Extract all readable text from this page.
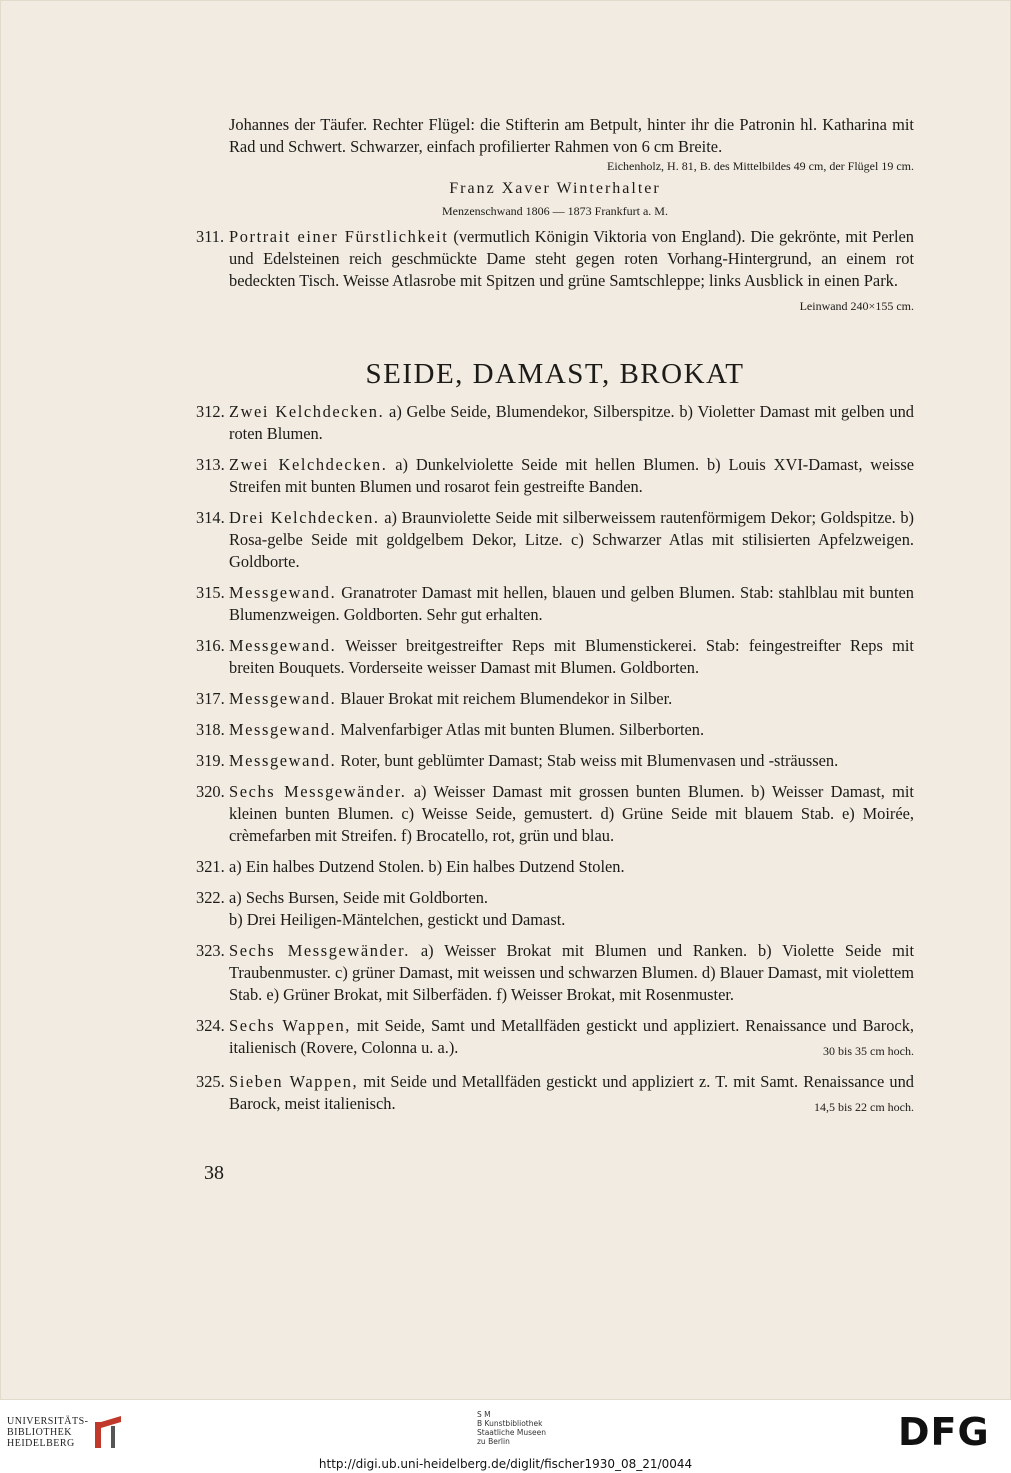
Johannes der Täufer. Rechter Flügel: die Stifterin am Betpult, hinter ihr die Patronin hl. Katharina mit Rad und Schwert. Schwarzer, einfach profilierter Rahmen von 6 cm Breite.

Eichenholz, H. 81, B. des Mittelbildes 49 cm, der Flügel 19 cm.

Franz Xaver Winterhalter

Menzenschwand 1806 — 1873 Frankfurt a. M.

311. Portrait einer Fürstlichkeit (vermutlich Königin Viktoria von England). Die gekrönte, mit Perlen und Edelsteinen reich geschmückte Dame steht gegen roten Vorhang-Hintergrund, an einem rot bedeckten Tisch. Weisse Atlasrobe mit Spitzen und grüne Samtschleppe; links Ausblick in einen Park.
Leinwand 240×155 cm.
SEIDE, DAMAST, BROKAT
312. Zwei Kelchdecken. a) Gelbe Seide, Blumendekor, Silberspitze. b) Violetter Damast mit gelben und roten Blumen.
313. Zwei Kelchdecken. a) Dunkelviolette Seide mit hellen Blumen. b) Louis XVI-Damast, weisse Streifen mit bunten Blumen und rosarot fein gestreifte Banden.
314. Drei Kelchdecken. a) Braunviolette Seide mit silberweissem rautenförmigem Dekor; Goldspitze. b) Rosa-gelbe Seide mit goldgelbem Dekor, Litze. c) Schwarzer Atlas mit stilisierten Apfelzweigen. Goldborte.
315. Messgewand. Granatroter Damast mit hellen, blauen und gelben Blumen. Stab: stahlblau mit bunten Blumenzweigen. Goldborten. Sehr gut erhalten.
316. Messgewand. Weisser breitgestreifter Reps mit Blumenstickerei. Stab: feingestreifter Reps mit breiten Bouquets. Vorderseite weisser Damast mit Blumen. Goldborten.
317. Messgewand. Blauer Brokat mit reichem Blumendekor in Silber.
318. Messgewand. Malvenfarbiger Atlas mit bunten Blumen. Silberborten.
319. Messgewand. Roter, bunt geblümter Damast; Stab weiss mit Blumenvasen und -sträussen.
320. Sechs Messgewänder. a) Weisser Damast mit grossen bunten Blumen. b) Weisser Damast, mit kleinen bunten Blumen. c) Weisse Seide, gemustert. d) Grüne Seide mit blauem Stab. e) Moirée, crèmefarben mit Streifen. f) Brocatello, rot, grün und blau.
321. a) Ein halbes Dutzend Stolen. b) Ein halbes Dutzend Stolen.
322. a) Sechs Bursen, Seide mit Goldborten.
b) Drei Heiligen-Mäntelchen, gestickt und Damast.
323. Sechs Messgewänder. a) Weisser Brokat mit Blumen und Ranken. b) Violette Seide mit Traubenmuster. c) grüner Damast, mit weissen und schwarzen Blumen. d) Blauer Damast, mit violettem Stab. e) Grüner Brokat, mit Silberfäden. f) Weisser Brokat, mit Rosenmuster.
324. Sechs Wappen, mit Seide, Samt und Metallfäden gestickt und appliziert. Renaissance und Barock, italienisch (Rovere, Colonna u. a.).	30 bis 35 cm hoch.
325. Sieben Wappen, mit Seide und Metallfäden gestickt und appliziert z. T. mit Samt. Renaissance und Barock, meist italienisch.	14,5 bis 22 cm hoch.
38
UNIVERSITÄTS-
BIBLIOTHEK
HEIDELBERG
S M
B Kunstbibliothek
Staatliche Museen
zu Berlin	DFG
http://digi.ub.uni-heidelberg.de/diglit/fischer1930_08_21/0044
